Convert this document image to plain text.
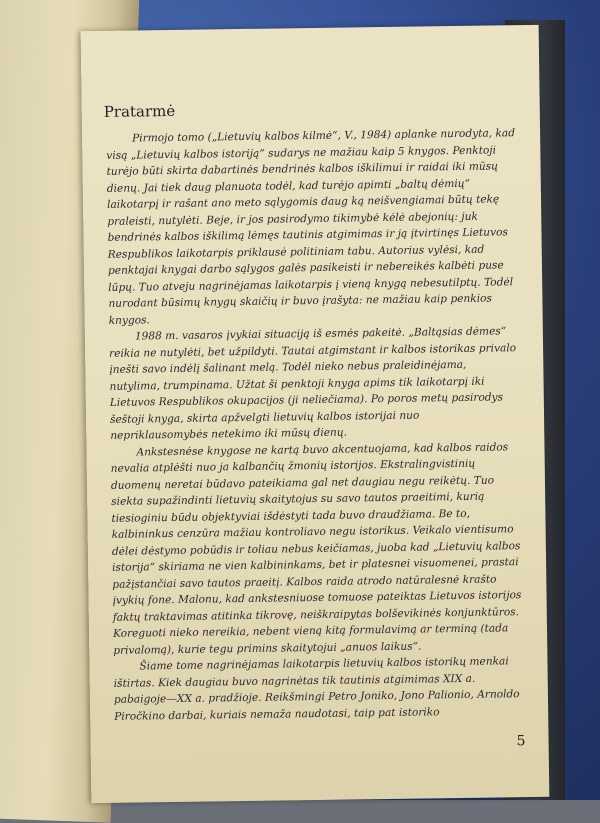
Pratarmė

Pirmojo tomo („Lietuvių kalbos kilmė“, V., 1984) aplanke nurodyta, kad visą „Lietuvių kalbos istoriją“ sudarys ne mažiau kaip 5 knygos. Penktoji turėjo būti skirta dabartinės bendrinės kalbos iškilimui ir raidai iki mūsų dienų. Jai tiek daug planuota todėl, kad turėjo apimti „baltų dėmių“ laikotarpį ir rašant ano meto sąlygomis daug ką neišvengiamai būtų tekę praleisti, nutylėti. Beje, ir jos pasirodymo tikimybė kėlė abejonių: juk bendrinės kalbos iškilimą lėmęs tautinis atgimimas ir ją įtvirtinęs Lietuvos Respublikos laikotarpis priklausė politiniam tabu. Autorius vylėsi, kad penktajai knygai darbo sąlygos galės pasikeisti ir nebereikės kalbėti puse lūpų. Tuo atveju nagrinėjamas laikotarpis į vieną knygą nebesutilptų. Todėl nurodant būsimų knygų skaičių ir buvo įrašyta: ne mažiau kaip penkios knygos.

1988 m. vasaros įvykiai situaciją iš esmės pakeitė. „Baltąsias dėmes“ reikia ne nutylėti, bet užpildyti. Tautai atgimstant ir kalbos istorikas privalo įnešti savo indėlį šalinant melą. Todėl nieko nebus praleidinėjama, nutylima, trumpinama. Užtat ši penktoji knyga apims tik laikotarpį iki Lietuvos Respublikos okupacijos (ji neliečiama). Po poros metų pasirodys šeštoji knyga, skirta apžvelgti lietuvių kalbos istorijai nuo nepriklausomybės netekimo iki mūsų dienų.

Ankstesnėse knygose ne kartą buvo akcentuojama, kad kalbos raidos nevalia atplėšti nuo ja kalbančių žmonių istorijos. Ekstralingvistinių duomenų neretai būdavo pateikiama gal net daugiau negu reikėtų. Tuo siekta supažindinti lietuvių skaitytojus su savo tautos praeitimi, kurią tiesioginiu būdu objektyviai išdėstyti tada buvo draudžiama. Be to, kalbininkus cenzūra mažiau kontroliavo negu istorikus. Veikalo vientisumo dėlei dėstymo pobūdis ir toliau nebus keičiamas, juoba kad „Lietuvių kalbos istorija“ skiriama ne vien kalbininkams, bet ir platesnei visuomenei, prastai pažįstančiai savo tautos praeitį. Kalbos raida atrodo natūralesnė krašto įvykių fone. Malonu, kad ankstesniuose tomuose pateiktas Lietuvos istorijos faktų traktavimas atitinka tikrovę, neiškraipytas bolševikinės konjunktūros. Koreguoti nieko nereikia, nebent vieną kitą formulavimą ar terminą (tada privalomą), kurie tegu primins skaitytojui „anuos laikus“.

Šiame tome nagrinėjamas laikotarpis lietuvių kalbos istorikų menkai ištirtas. Kiek daugiau buvo nagrinėtas tik tautinis atgimimas XIX a. pabaigoje—XX a. pradžioje. Reikšmingi Petro Joniko, Jono Palionio, Arnoldo Piročkino darbai, kuriais nemaža naudotasi, taip pat istoriko

5
